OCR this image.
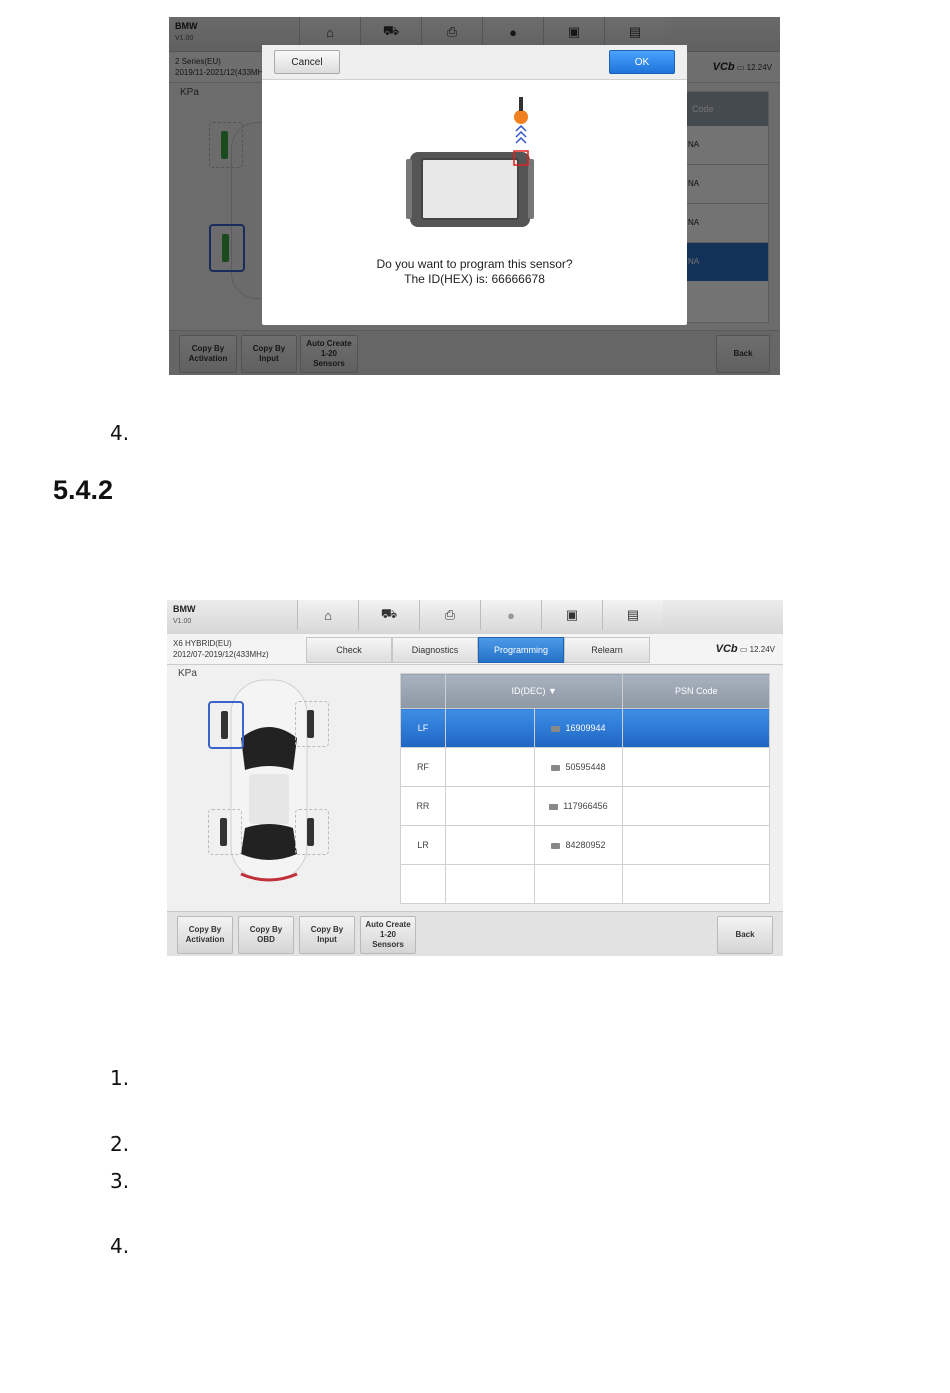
Cancel	OK
Do you want to program this sensor?
The ID(HEX) is: 66666678
4.
5.4.2
BMW
V1.00	⌂	⛟	⎙	●	▣	▤
X6 HYBRID(EU)
2012/07-2019/12(433MHz)	Check	Diagnostics	Programming	Relearn	VCb ▭ 12.24V
KPa
	ID(DEC) ▼		PSN Code
LF		16909944	
RF		50595448	
RR		117966456	
LR		84280952	

Copy By
Activation
Copy By
OBD
Copy By
Input
Auto Create
1-20
Sensors
Back
1.
2.
3.
4.
